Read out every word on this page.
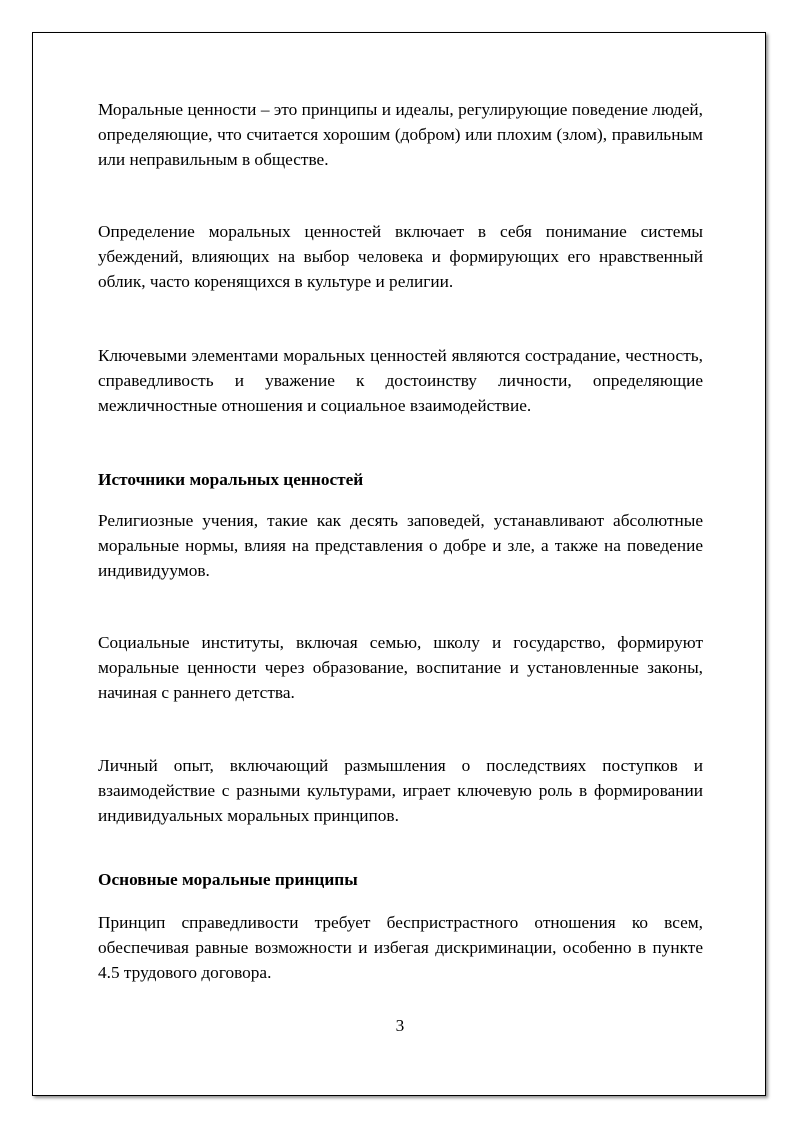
Моральные ценности – это принципы и идеалы, регулирующие поведение людей, определяющие, что считается хорошим (добром) или плохим (злом), правильным или неправильным в обществе.

Определение моральных ценностей включает в себя понимание системы убеждений, влияющих на выбор человека и формирующих его нравственный облик, часто коренящихся в культуре и религии.

Ключевыми элементами моральных ценностей являются сострадание, честность, справедливость и уважение к достоинству личности, определяющие межличностные отношения и социальное взаимодействие.

Источники моральных ценностей

Религиозные учения, такие как десять заповедей, устанавливают абсолютные моральные нормы, влияя на представления о добре и зле, а также на поведение индивидуумов.

Социальные институты, включая семью, школу и государство, формируют моральные ценности через образование, воспитание и установленные законы, начиная с раннего детства.

Личный опыт, включающий размышления о последствиях поступков и взаимодействие с разными культурами, играет ключевую роль в формировании индивидуальных моральных принципов.

Основные моральные принципы

Принцип справедливости требует беспристрастного отношения ко всем, обеспечивая равные возможности и избегая дискриминации, особенно в пункте 4.5 трудового договора.

3
